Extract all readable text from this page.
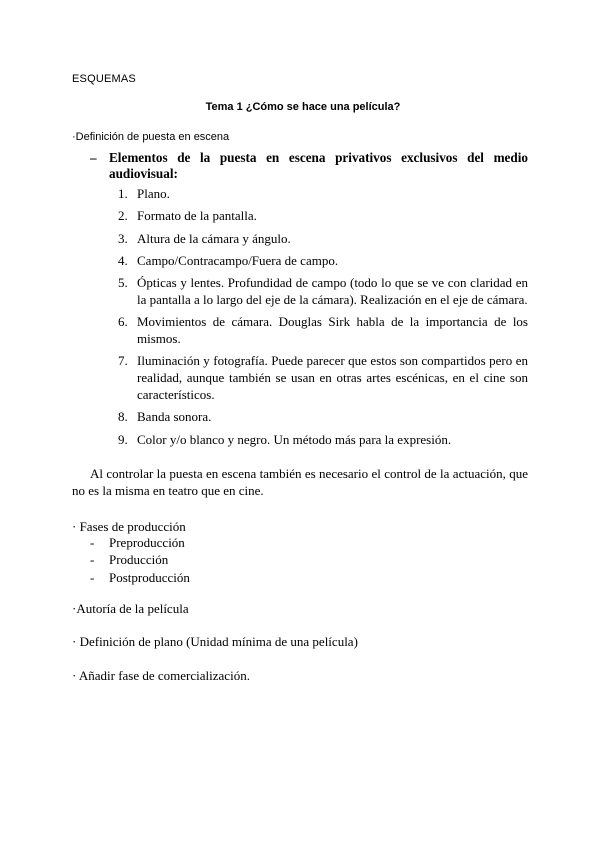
ESQUEMAS
Tema 1 ¿Cómo se hace una película?
·Definición de puesta en escena
– Elementos de la puesta en escena privativos exclusivos del medio audiovisual:
1. Plano.
2. Formato de la pantalla.
3. Altura de la cámara y ángulo.
4. Campo/Contracampo/Fuera de campo.
5. Ópticas y lentes. Profundidad de campo (todo lo que se ve con claridad en la pantalla a lo largo del eje de la cámara). Realización en el eje de cámara.
6. Movimientos de cámara. Douglas Sirk habla de la importancia de los mismos.
7. Iluminación y fotografía. Puede parecer que estos son compartidos pero en realidad, aunque también se usan en otras artes escénicas, en el cine son característicos.
8. Banda sonora.
9. Color y/o blanco y negro. Un método más para la expresión.
Al controlar la puesta en escena también es necesario el control de la actuación, que no es la misma en teatro que en cine.
· Fases de producción
- Preproducción
- Producción
- Postproducción
·Autoría de la película
· Definición de plano (Unidad mínima de una película)
· Añadir fase de comercialización.
